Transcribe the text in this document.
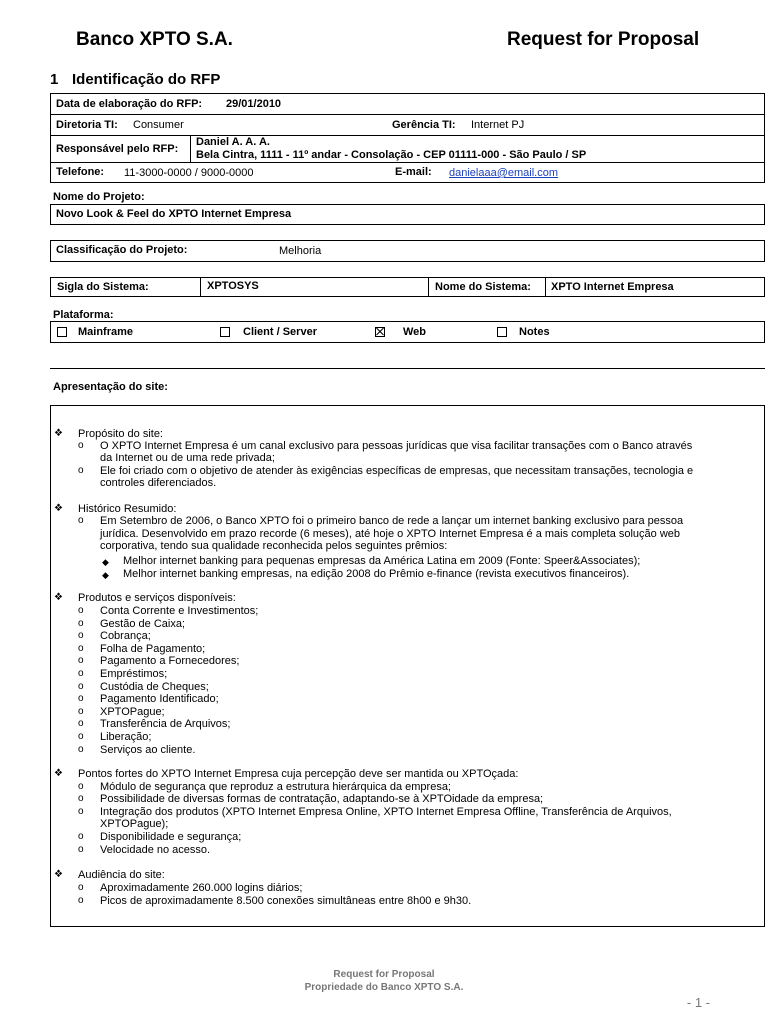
Banco XPTO S.A.	Request for Proposal
1 Identificação do RFP
Data de elaboração do RFP: 29/01/2010
Diretoria TI: Consumer	Gerência TI: Internet PJ
Responsável pelo RFP:
Daniel A. A. A.
Bela Cintra, 1111 - 11º andar - Consolação - CEP 01111-000 - São Paulo / SP
Telefone: 11-3000-0000 / 9000-0000	E-mail: danielaaa@email.com
Nome do Projeto:
Novo Look & Feel do XPTO Internet Empresa
Classificação do Projeto:	Melhoria
Sigla do Sistema:	XPTOSYS	Nome do Sistema: XPTO Internet Empresa
Plataforma:
Mainframe	Client / Server	Web	Notes
Apresentação do site:
❖ Propósito do site:
o O XPTO Internet Empresa é um canal exclusivo para pessoas jurídicas que visa facilitar transações com o Banco através
da Internet ou de uma rede privada;
o Ele foi criado com o objetivo de atender às exigências específicas de empresas, que necessitam transações, tecnologia e
controles diferenciados.
❖ Histórico Resumido:
o Em Setembro de 2006, o Banco XPTO foi o primeiro banco de rede a lançar um internet banking exclusivo para pessoa
jurídica. Desenvolvido em prazo recorde (6 meses), até hoje o XPTO Internet Empresa é a mais completa solução web
corporativa, tendo sua qualidade reconhecida pelos seguintes prêmios:
◆ Melhor internet banking para pequenas empresas da América Latina em 2009 (Fonte: Speer&Associates);
◆ Melhor internet banking empresas, na edição 2008 do Prêmio e-finance (revista executivos financeiros).
❖ Produtos e serviços disponíveis:
o Conta Corrente e Investimentos;
o Gestão de Caixa;
o Cobrança;
o Folha de Pagamento;
o Pagamento a Fornecedores;
o Empréstimos;
o Custódia de Cheques;
o Pagamento Identificado;
o XPTOPague;
o Transferência de Arquivos;
o Liberação;
o Serviços ao cliente.
❖ Pontos fortes do XPTO Internet Empresa cuja percepção deve ser mantida ou XPTOçada:
o Módulo de segurança que reproduz a estrutura hierárquica da empresa;
o Possibilidade de diversas formas de contratação, adaptando-se à XPTOidade da empresa;
o Integração dos produtos (XPTO Internet Empresa Online, XPTO Internet Empresa Offline, Transferência de Arquivos,
XPTOPague);
o Disponibilidade e segurança;
o Velocidade no acesso.
❖ Audiência do site:
o Aproximadamente 260.000 logins diários;
o Picos de aproximadamente 8.500 conexões simultâneas entre 8h00 e 9h30.
Request for Proposal
Propriedade do Banco XPTO S.A.
- 1 -
